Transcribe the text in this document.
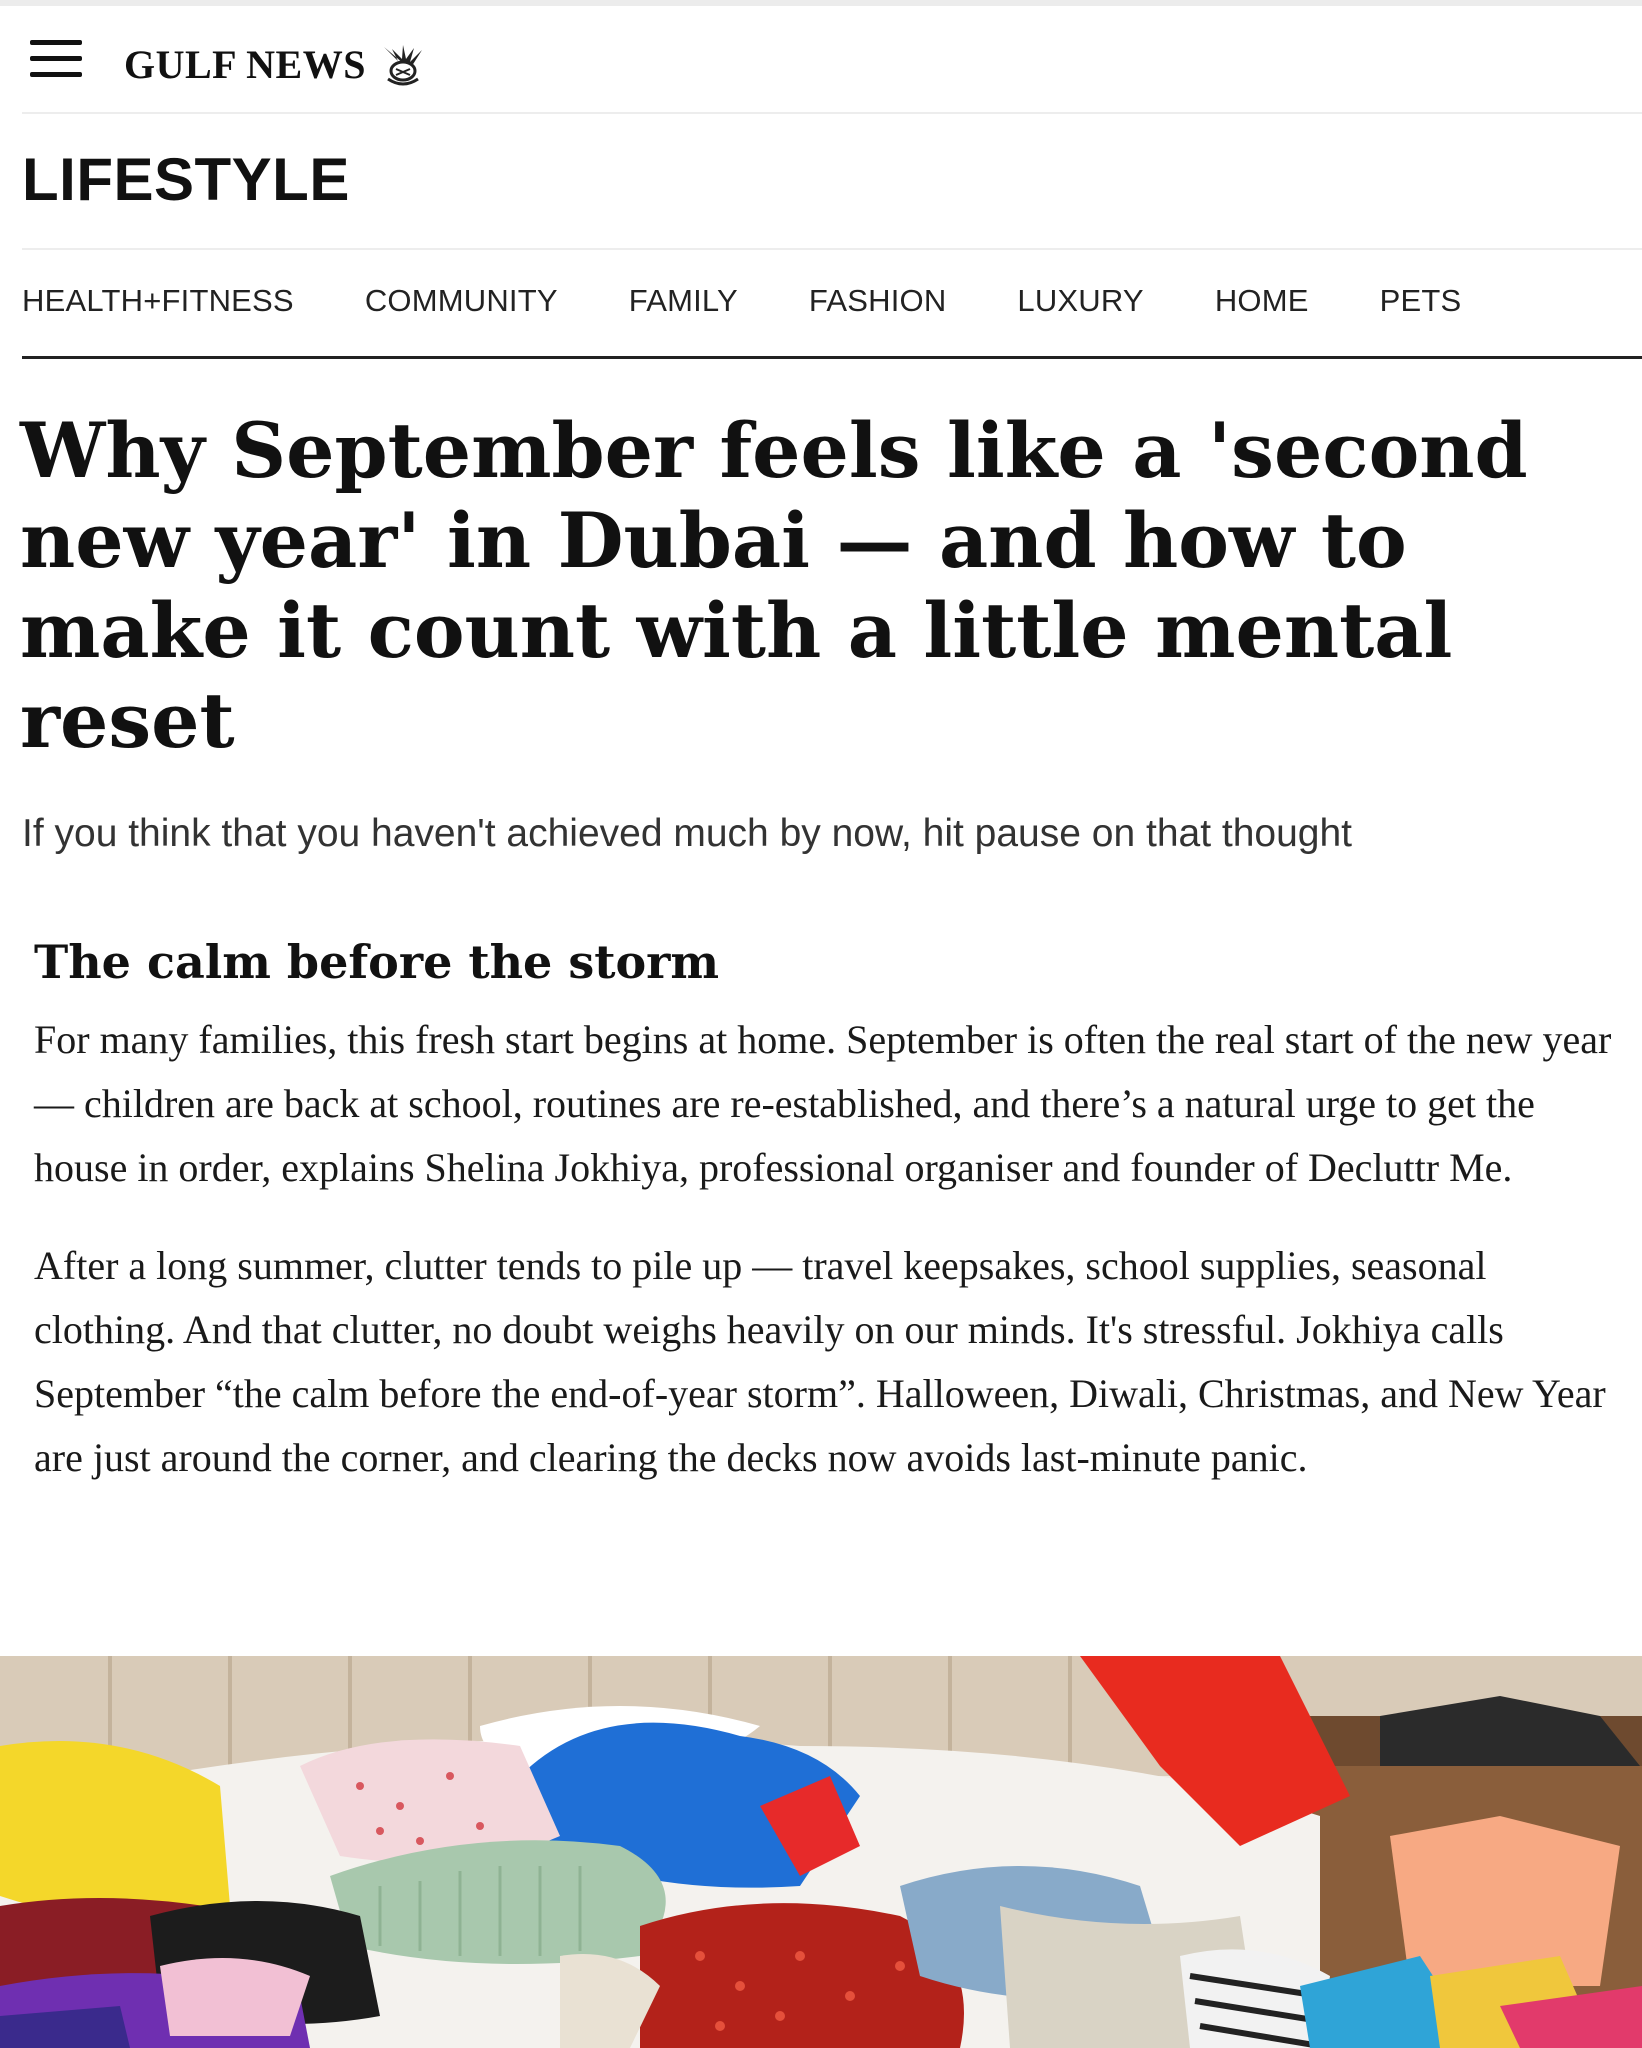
GULF NEWS
LIFESTYLE
HEALTH+FITNESS COMMUNITY FAMILY FASHION LUXURY HOME PETS
Why September feels like a 'second new year' in Dubai — and how to make it count with a little mental reset

If you think that you haven't achieved much by now, hit pause on that thought

The calm before the storm

For many families, this fresh start begins at home. September is often the real start of the new year — children are back at school, routines are re-established, and there’s a natural urge to get the house in order, explains Shelina Jokhiya, professional organiser and founder of Decluttr Me.

After a long summer, clutter tends to pile up — travel keepsakes, school supplies, seasonal clothing. And that clutter, no doubt weighs heavily on our minds. It's stressful. Jokhiya calls September “the calm before the end-of-year storm”. Halloween, Diwali, Christmas, and New Year are just around the corner, and clearing the decks now avoids last-minute panic.
